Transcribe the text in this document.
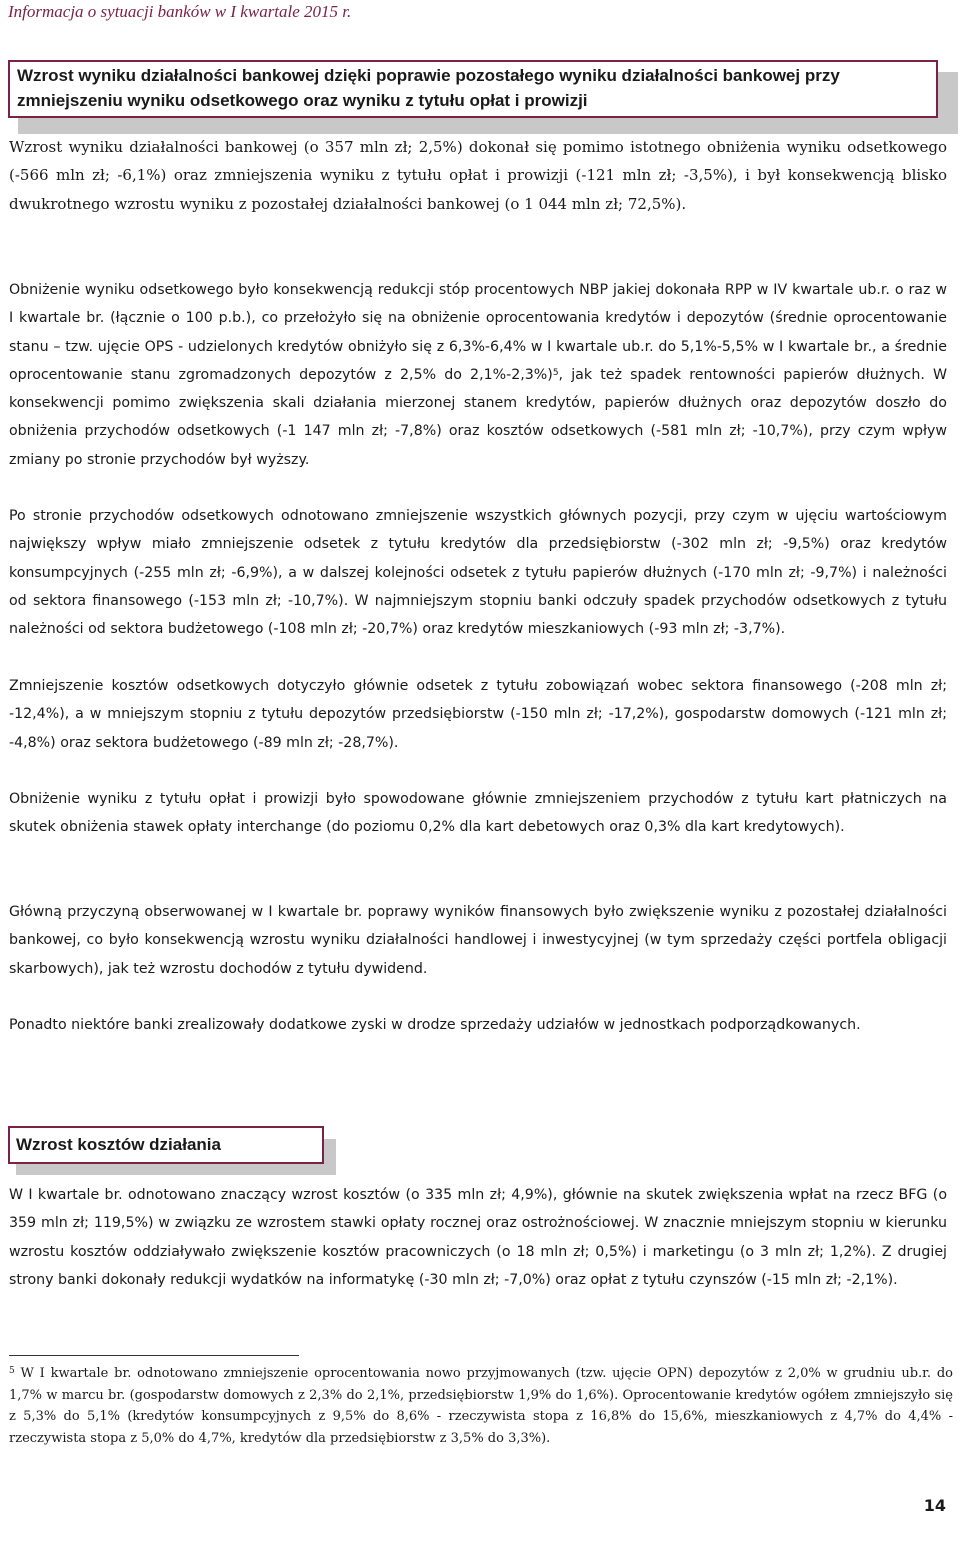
Informacja o sytuacji banków w I kwartale 2015 r.
Wzrost wyniku działalności bankowej dzięki poprawie pozostałego wyniku działalności bankowej przy zmniejszeniu wyniku odsetkowego oraz wyniku z tytułu opłat i prowizji

Wzrost wyniku działalności bankowej (o 357 mln zł; 2,5%) dokonał się pomimo istotnego obniżenia wyniku odsetkowego (-566 mln zł; -6,1%) oraz zmniejszenia wyniku z tytułu opłat i prowizji (-121 mln zł; -3,5%), i był konsekwencją blisko dwukrotnego wzrostu wyniku z pozostałej działalności bankowej (o 1 044 mln zł; 72,5%).

Obniżenie wyniku odsetkowego było konsekwencją redukcji stóp procentowych NBP jakiej dokonała RPP w IV kwartale ub.r. o raz w I kwartale br. (łącznie o 100 p.b.), co przełożyło się na obniżenie oprocentowania kredytów i depozytów (średnie oprocentowanie stanu – tzw. ujęcie OPS - udzielonych kredytów obniżyło się z 6,3%-6,4% w I kwartale ub.r. do 5,1%-5,5% w I kwartale br., a średnie oprocentowanie stanu zgromadzonych depozytów z 2,5% do 2,1%-2,3%)$^5$, jak też spadek rentowności papierów dłużnych. W konsekwencji pomimo zwiększenia skali działania mierzonej stanem kredytów, papierów dłużnych oraz depozytów doszło do obniżenia przychodów odsetkowych (-1 147 mln zł; -7,8%) oraz kosztów odsetkowych (-581 mln zł; -10,7%), przy czym wpływ zmiany po stronie przychodów był wyższy.

Po stronie przychodów odsetkowych odnotowano zmniejszenie wszystkich głównych pozycji, przy czym w ujęciu wartościowym największy wpływ miało zmniejszenie odsetek z tytułu kredytów dla przedsiębiorstw (-302 mln zł; -9,5%) oraz kredytów konsumpcyjnych (-255 mln zł; -6,9%), a w dalszej kolejności odsetek z tytułu papierów dłużnych (-170 mln zł; -9,7%) i należności od sektora finansowego (-153 mln zł; -10,7%). W najmniejszym stopniu banki odczuły spadek przychodów odsetkowych z tytułu należności od sektora budżetowego (-108 mln zł; -20,7%) oraz kredytów mieszkaniowych (-93 mln zł; -3,7%).

Zmniejszenie kosztów odsetkowych dotyczyło głównie odsetek z tytułu zobowiązań wobec sektora finansowego (-208 mln zł; -12,4%), a w mniejszym stopniu z tytułu depozytów przedsiębiorstw (-150 mln zł; -17,2%), gospodarstw domowych (-121 mln zł; -4,8%) oraz sektora budżetowego (-89 mln zł; -28,7%).

Obniżenie wyniku z tytułu opłat i prowizji było spowodowane głównie zmniejszeniem przychodów z tytułu kart płatniczych na skutek obniżenia stawek opłaty interchange (do poziomu 0,2% dla kart debetowych oraz 0,3% dla kart kredytowych).

Główną przyczyną obserwowanej w I kwartale br. poprawy wyników finansowych było zwiększenie wyniku z pozostałej działalności bankowej, co było konsekwencją wzrostu wyniku działalności handlowej i inwestycyjnej (w tym sprzedaży części portfela obligacji skarbowych), jak też wzrostu dochodów z tytułu dywidend.

Ponadto niektóre banki zrealizowały dodatkowe zyski w drodze sprzedaży udziałów w jednostkach podporządkowanych.

Wzrost kosztów działania

W I kwartale br. odnotowano znaczący wzrost kosztów (o 335 mln zł; 4,9%), głównie na skutek zwiększenia wpłat na rzecz BFG (o 359 mln zł; 119,5%) w związku ze wzrostem stawki opłaty rocznej oraz ostrożnościowej. W znacznie mniejszym stopniu w kierunku wzrostu kosztów oddziaływało zwiększenie kosztów pracowniczych (o 18 mln zł; 0,5%) i marketingu (o 3 mln zł; 1,2%). Z drugiej strony banki dokonały redukcji wydatków na informatykę (-30 mln zł; -7,0%) oraz opłat z tytułu czynszów (-15 mln zł; -2,1%).

$^5$ W I kwartale br. odnotowano zmniejszenie oprocentowania nowo przyjmowanych (tzw. ujęcie OPN) depozytów z 2,0% w grudniu ub.r. do 1,7% w marcu br. (gospodarstw domowych z 2,3% do 2,1%, przedsiębiorstw 1,9% do 1,6%). Oprocentowanie kredytów ogółem zmniejszyło się z 5,3% do 5,1% (kredytów konsumpcyjnych z 9,5% do 8,6% - rzeczywista stopa z 16,8% do 15,6%, mieszkaniowych z 4,7% do 4,4% - rzeczywista stopa z 5,0% do 4,7%, kredytów dla przedsiębiorstw z 3,5% do 3,3%).

14
